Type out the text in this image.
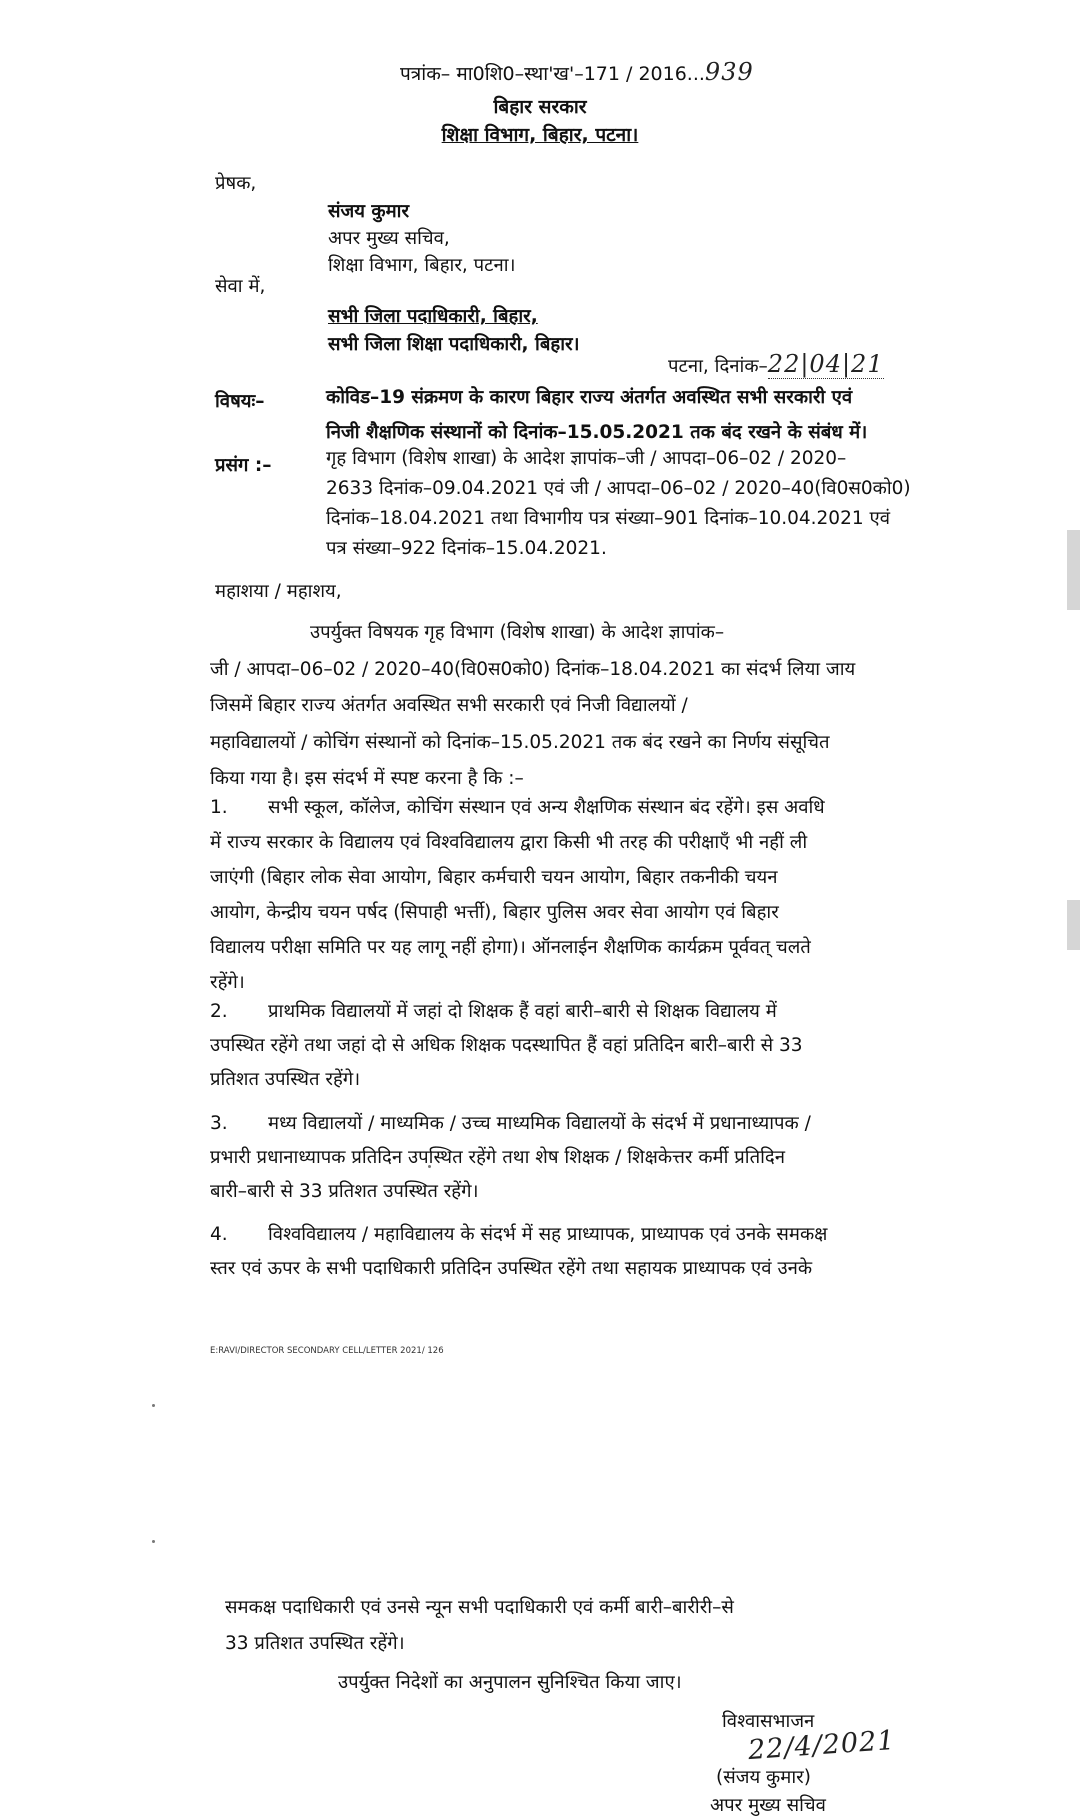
पत्रांक– मा0शि0–स्था'ख'–171 / 2016...939
बिहार सरकार
शिक्षा विभाग, बिहार, पटना।
प्रेषक,
संजय कुमार
अपर मुख्य सचिव,
शिक्षा विभाग, बिहार, पटना।
सेवा में,
सभी जिला पदाधिकारी, बिहार,
सभी जिला शिक्षा पदाधिकारी, बिहार।
पटना, दिनांक–22|04|21
विषयः–	कोविड–19 संक्रमण के कारण बिहार राज्य अंतर्गत अवस्थित सभी सरकारी एवं
निजी शैक्षणिक संस्थानों को दिनांक–15.05.2021 तक बंद रखने के संबंध में।
प्रसंग :–	गृह विभाग (विशेष शाखा) के आदेश ज्ञापांक–जी / आपदा–06–02 / 2020–
2633 दिनांक–09.04.2021 एवं जी / आपदा–06–02 / 2020–40(वि0स0को0)
दिनांक–18.04.2021 तथा विभागीय पत्र संख्या–901 दिनांक–10.04.2021 एवं
पत्र संख्या–922 दिनांक–15.04.2021.
महाशया / महाशय,
उपर्युक्त विषयक गृह विभाग (विशेष शाखा) के आदेश ज्ञापांक–
जी / आपदा–06–02 / 2020–40(वि0स0को0) दिनांक–18.04.2021 का संदर्भ लिया जाय
जिसमें बिहार राज्य अंतर्गत अवस्थित सभी सरकारी एवं निजी विद्यालयों /
महाविद्यालयों / कोचिंग संस्थानों को दिनांक–15.05.2021 तक बंद रखने का निर्णय संसूचित
किया गया है। इस संदर्भ में स्पष्ट करना है कि :–
1. सभी स्कूल, कॉलेज, कोचिंग संस्थान एवं अन्य शैक्षणिक संस्थान बंद रहेंगे। इस अवधि
में राज्य सरकार के विद्यालय एवं विश्वविद्यालय द्वारा किसी भी तरह की परीक्षाएँ भी नहीं ली
जाएंगी (बिहार लोक सेवा आयोग, बिहार कर्मचारी चयन आयोग, बिहार तकनीकी चयन
आयोग, केन्द्रीय चयन पर्षद (सिपाही भर्त्ती), बिहार पुलिस अवर सेवा आयोग एवं बिहार
विद्यालय परीक्षा समिति पर यह लागू नहीं होगा)। ऑनलाईन शैक्षणिक कार्यक्रम पूर्ववत् चलते
रहेंगे।
2. प्राथमिक विद्यालयों में जहां दो शिक्षक हैं वहां बारी–बारी से शिक्षक विद्यालय में
उपस्थित रहेंगे तथा जहां दो से अधिक शिक्षक पदस्थापित हैं वहां प्रतिदिन बारी–बारी से 33
प्रतिशत उपस्थित रहेंगे।
3. मध्य विद्यालयों / माध्यमिक / उच्च माध्यमिक विद्यालयों के संदर्भ में प्रधानाध्यापक /
प्रभारी प्रधानाध्यापक प्रतिदिन उपस्थित रहेंगे तथा शेष शिक्षक / शिक्षकेत्तर कर्मी प्रतिदिन
बारी–बारी से 33 प्रतिशत उपस्थित रहेंगे।
4. विश्वविद्यालय / महाविद्यालय के संदर्भ में सह प्राध्यापक, प्राध्यापक एवं उनके समकक्ष
स्तर एवं ऊपर के सभी पदाधिकारी प्रतिदिन उपस्थित रहेंगे तथा सहायक प्राध्यापक एवं उनके
E:RAVI/DIRECTOR SECONDARY CELL/LETTER 2021/ 126
समकक्ष पदाधिकारी एवं उनसे न्यून सभी पदाधिकारी एवं कर्मी बारी–बारीरी–से
33 प्रतिशत उपस्थित रहेंगे।
उपर्युक्त निदेशों का अनुपालन सुनिश्चित किया जाए।
विश्वासभाजन
22/4/2021
(संजय कुमार)
अपर मुख्य सचिव
